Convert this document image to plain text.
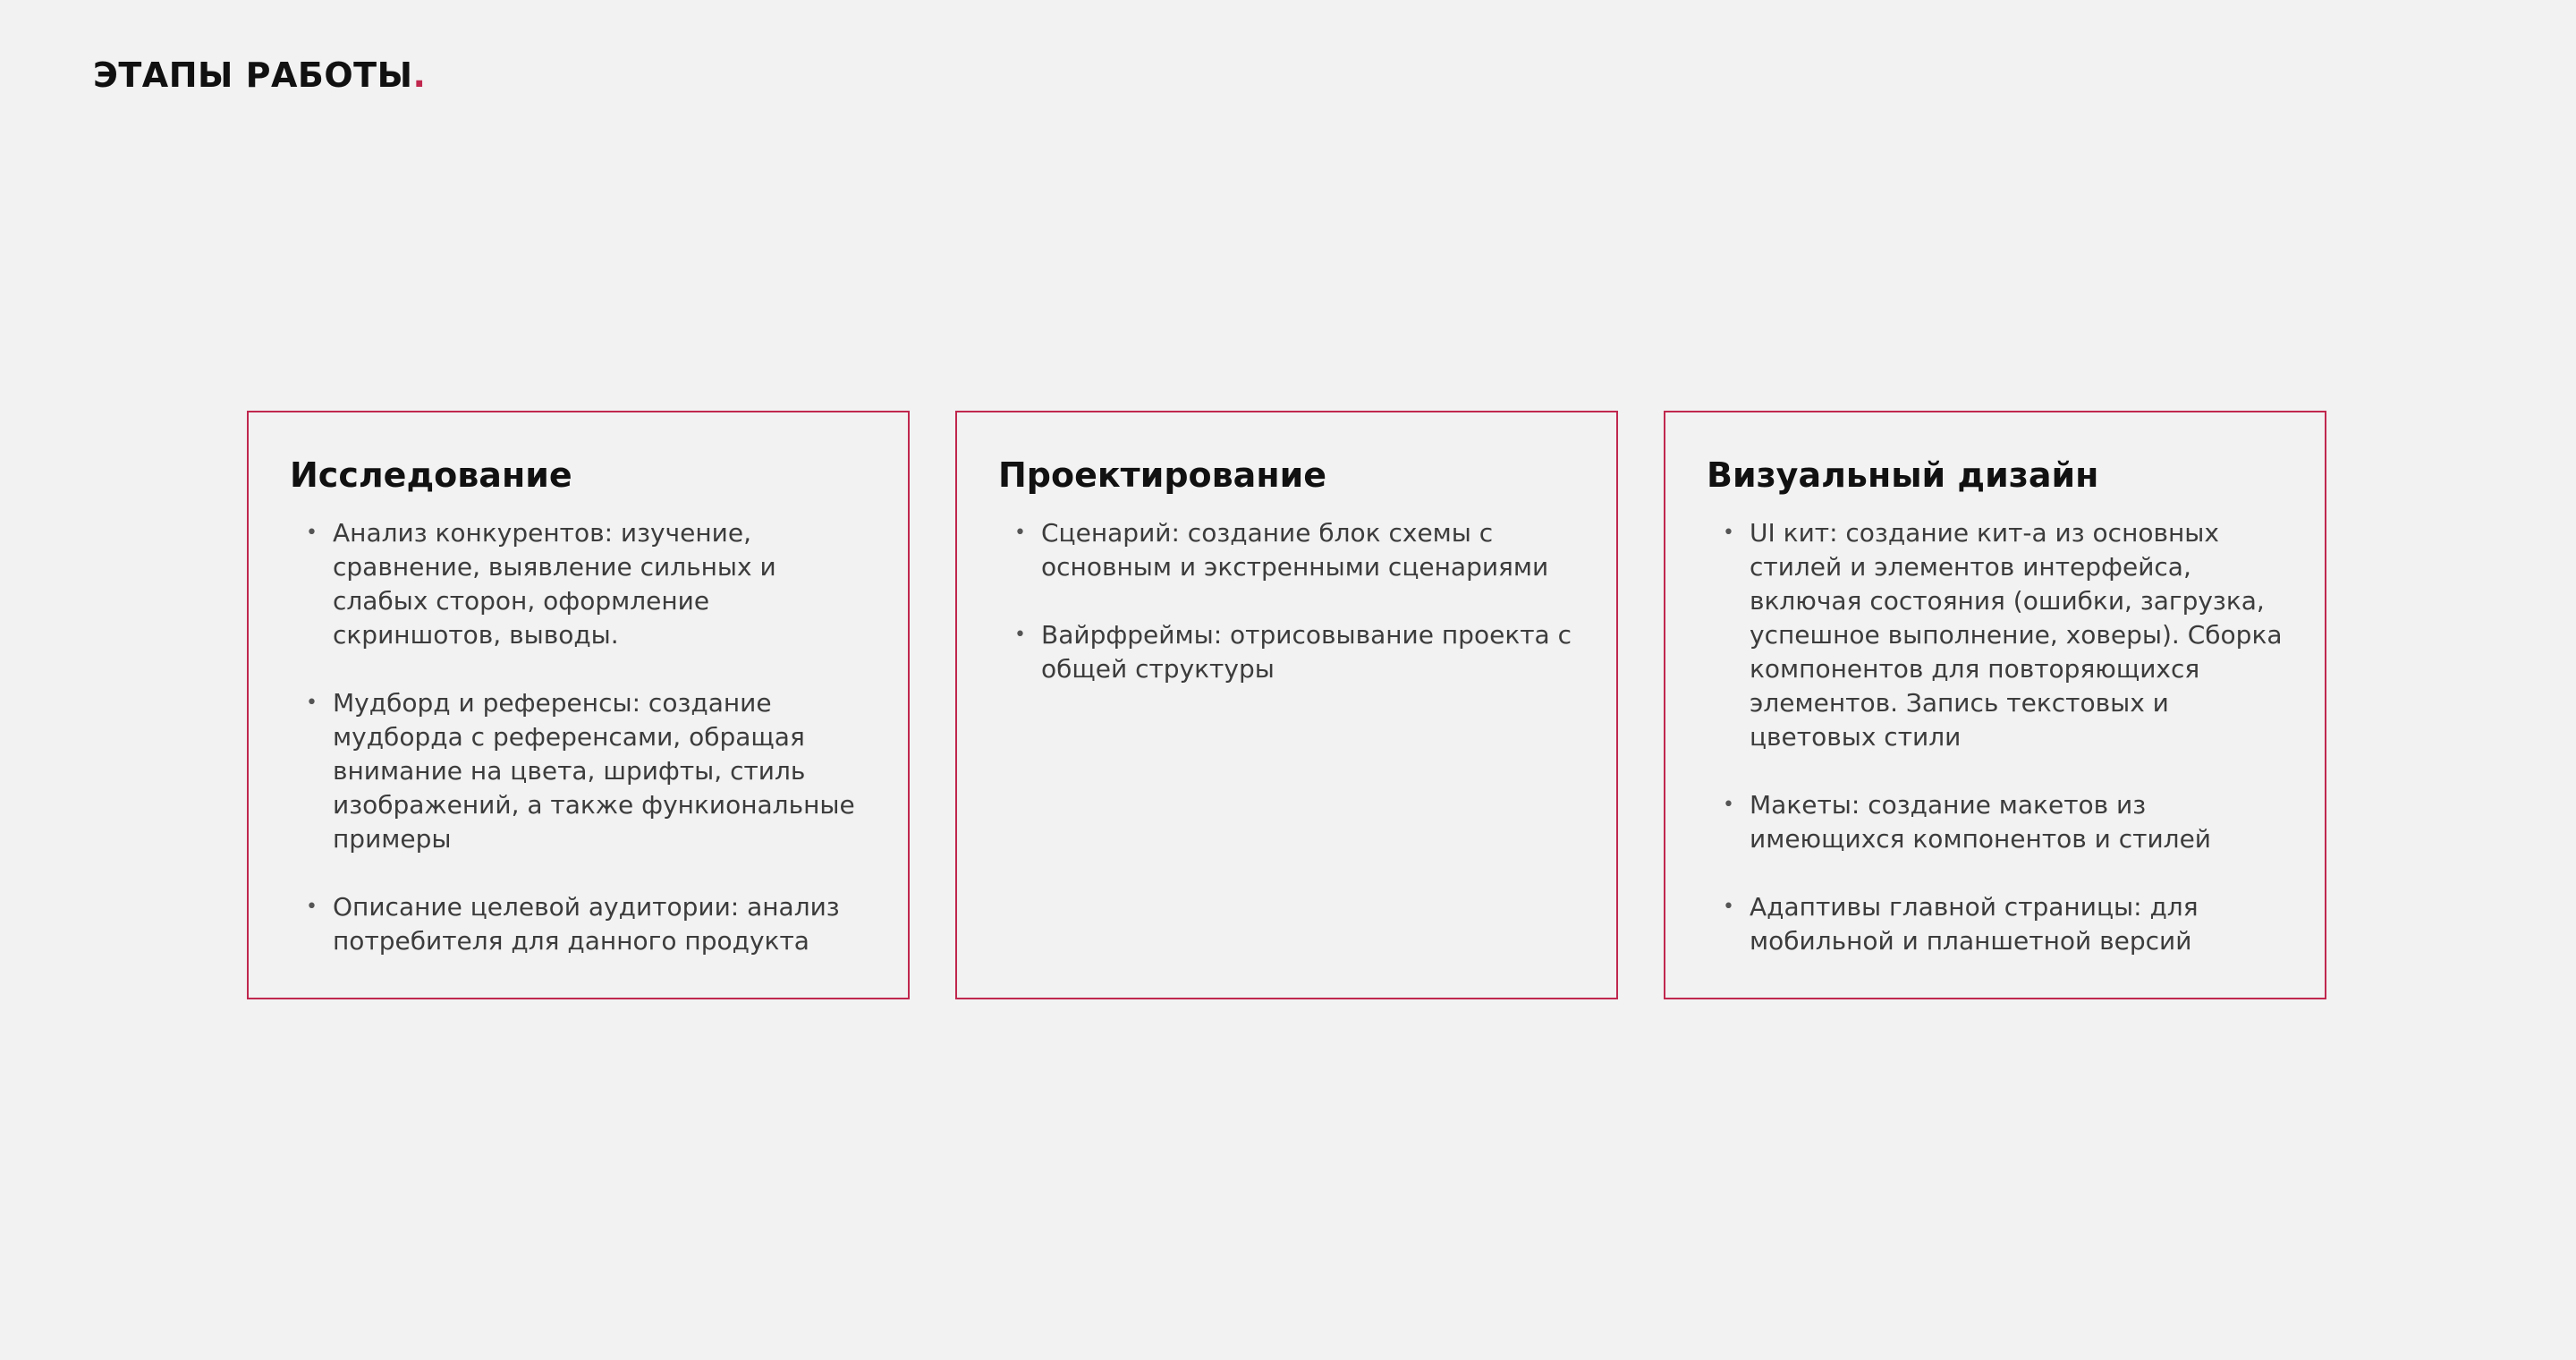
ЭТАПЫ РАБОТЫ.
Исследование
• Анализ конкурентов: изучение, сравнение, выявление сильных и слабых сторон, оформление скриншотов, выводы.
• Мудборд и референсы: создание мудборда с референсами, обращая внимание на цвета, шрифты, стиль изображений, а также функиональные примеры
• Описание целевой аудитории: анализ потребителя для данного продукта
Проектирование
• Сценарий: создание блок схемы с основным и экстренными сценариями
• Вайрфреймы: отрисовывание проекта с общей структуры
Визуальный дизайн
• UI кит: создание кит-а из основных стилей и элементов интерфейса, включая состояния (ошибки, загрузка, успешное выполнение, ховеры). Сборка компонентов для повторяющихся элементов. Запись текстовых и цветовых стили
• Макеты: создание макетов из имеющихся компонентов и стилей
• Адаптивы главной страницы: для мобильной и планшетной версий
